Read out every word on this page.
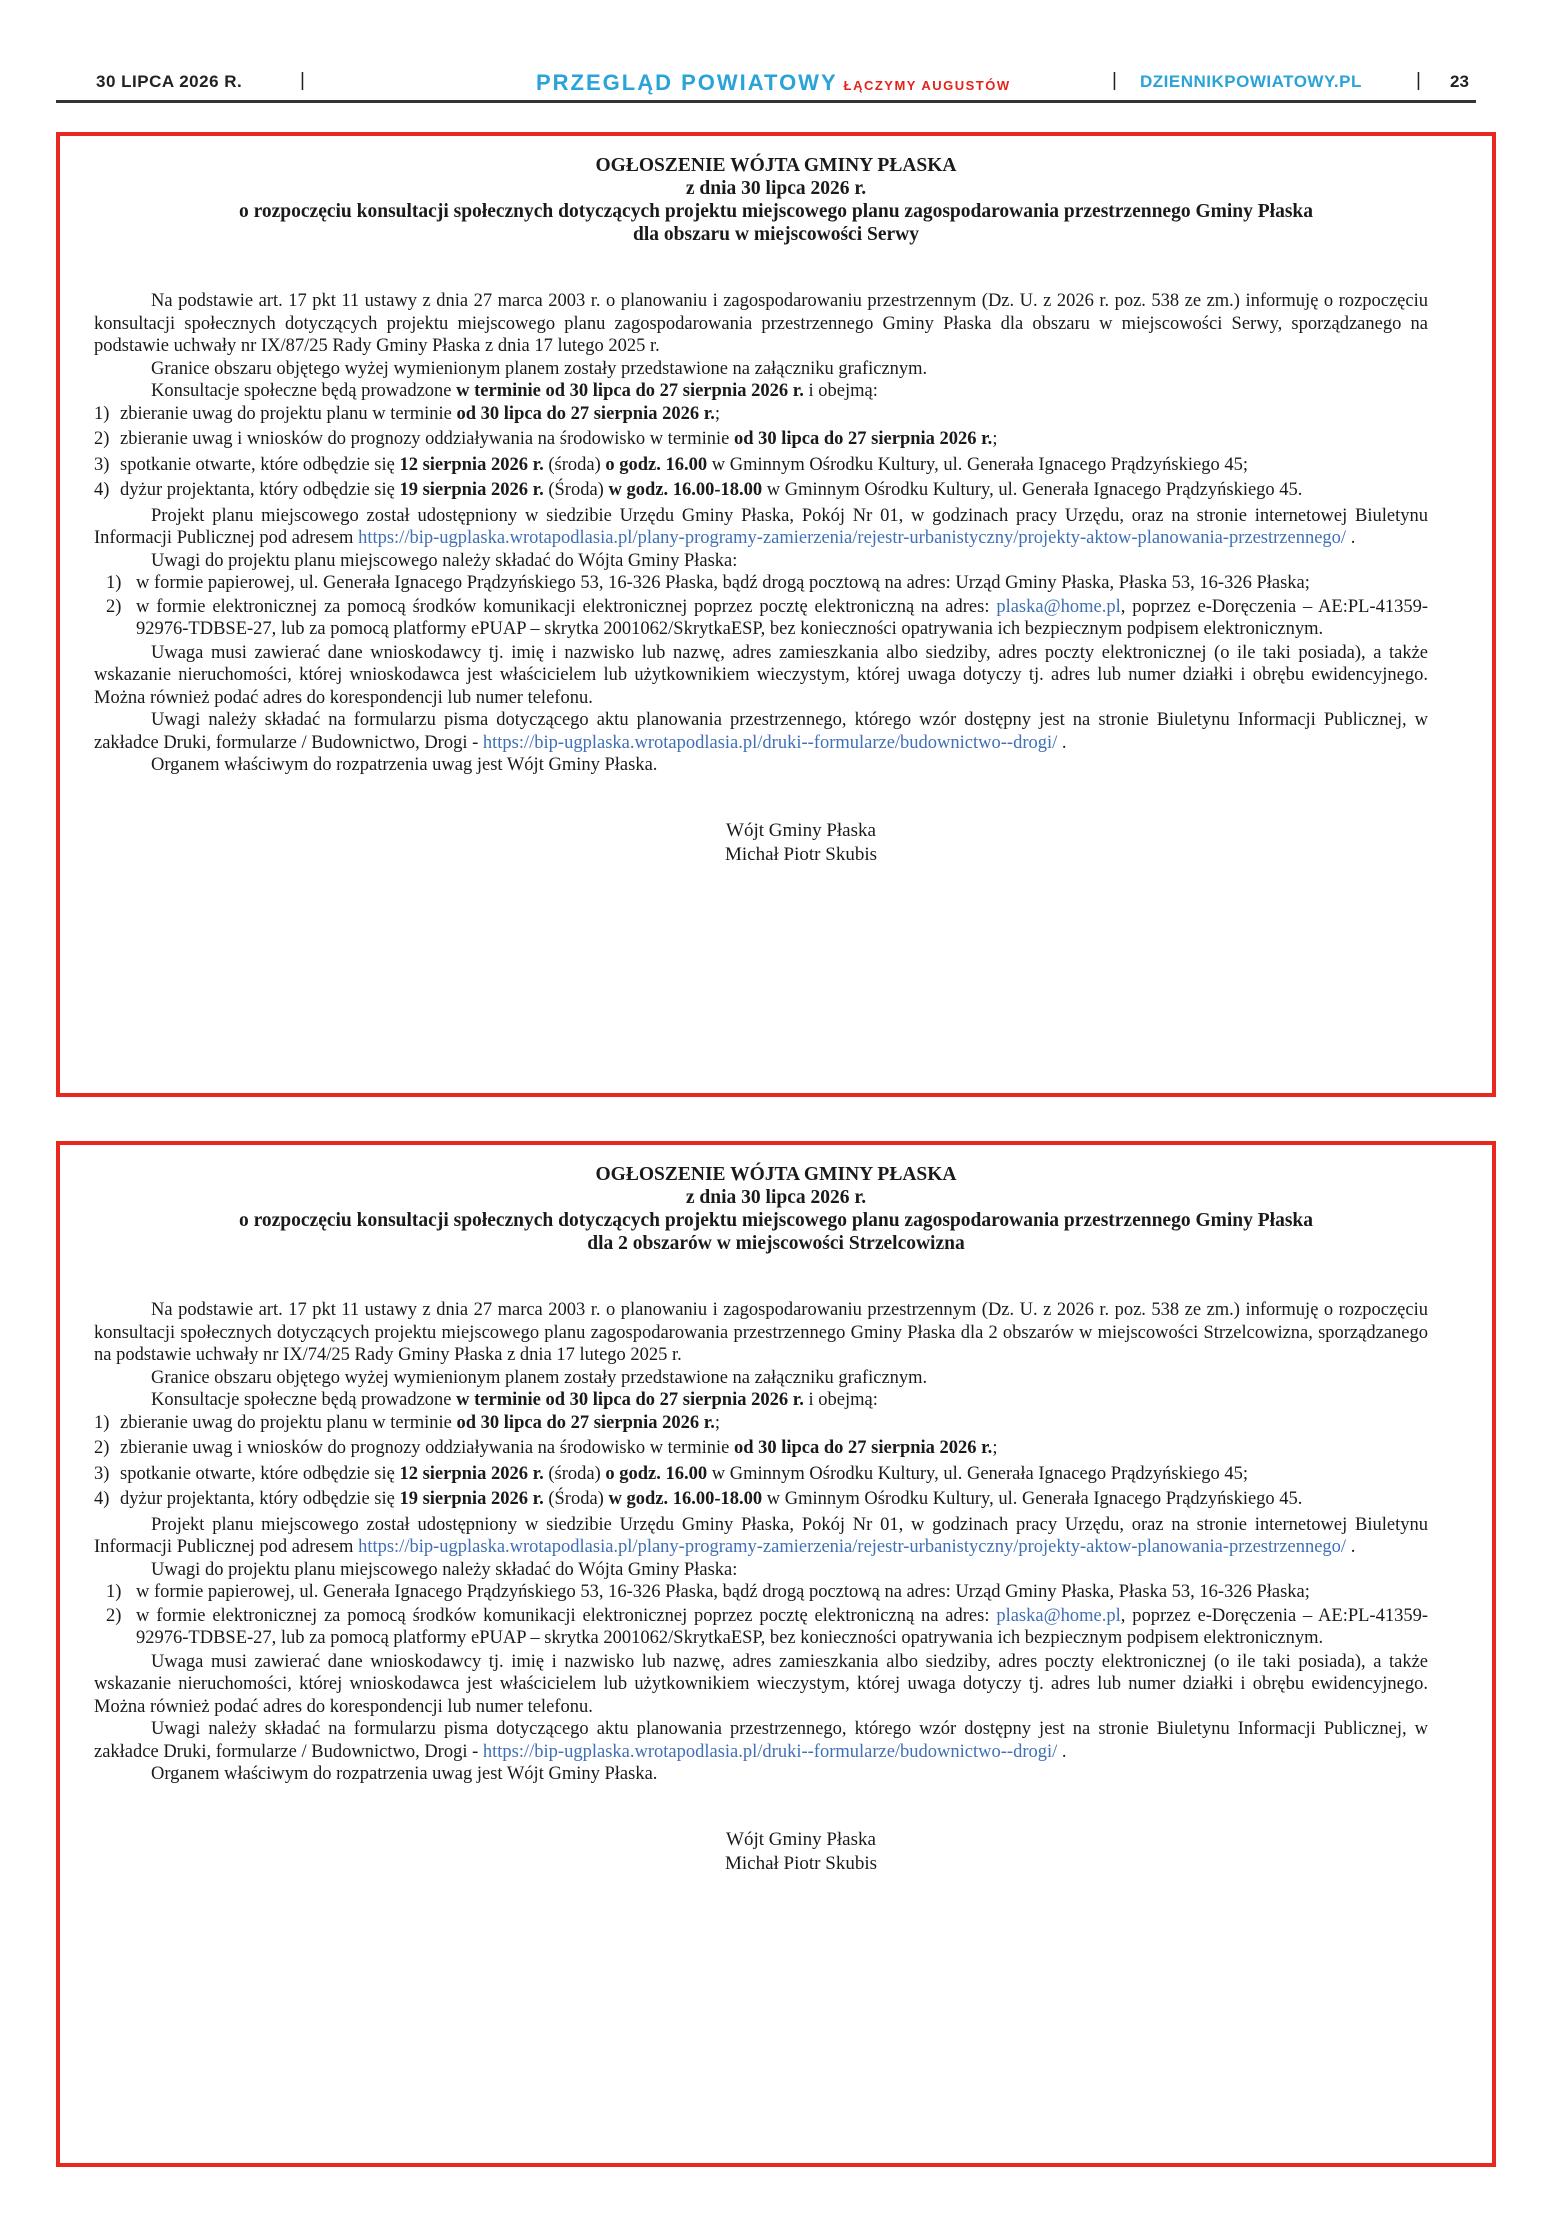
30 LIPCA 2026 R.	|	PRZEGLĄD POWIATOWY ŁĄCZYMY AUGUSTÓW	| DZIENNIKPOWIATOWY.PL	| 23
OGŁOSZENIE WÓJTA GMINY PŁASKA
z dnia 30 lipca 2026 r.
o rozpoczęciu konsultacji społecznych dotyczących projektu miejscowego planu zagospodarowania przestrzennego Gminy Płaska
dla obszaru w miejscowości Serwy

Na podstawie art. 17 pkt 11 ustawy z dnia 27 marca 2003 r. o planowaniu i zagospodarowaniu przestrzennym (Dz. U. z 2026 r. poz. 538 ze zm.) informuję o rozpoczęciu konsultacji społecznych dotyczących projektu miejscowego planu zagospodarowania przestrzennego Gminy Płaska dla obszaru w miejscowości Serwy, sporządzanego na podstawie uchwały nr IX/87/25 Rady Gminy Płaska z dnia 17 lutego 2025 r.

Granice obszaru objętego wyżej wymienionym planem zostały przedstawione na załączniku graficznym.

Konsultacje społeczne będą prowadzone w terminie od 30 lipca do 27 sierpnia 2026 r. i obejmą:

1) zbieranie uwag do projektu planu w terminie od 30 lipca do 27 sierpnia 2026 r.;
2) zbieranie uwag i wniosków do prognozy oddziaływania na środowisko w terminie od 30 lipca do 27 sierpnia 2026 r.;
3) spotkanie otwarte, które odbędzie się 12 sierpnia 2026 r. (środa) o godz. 16.00 w Gminnym Ośrodku Kultury, ul. Generała Ignacego Prądzyńskiego 45;
4) dyżur projektanta, który odbędzie się 19 sierpnia 2026 r. (Środa) w godz. 16.00-18.00 w Gminnym Ośrodku Kultury, ul. Generała Ignacego Prądzyńskiego 45.

Projekt planu miejscowego został udostępniony w siedzibie Urzędu Gminy Płaska, Pokój Nr 01, w godzinach pracy Urzędu, oraz na stronie internetowej Biuletynu Informacji Publicznej pod adresem https://bip-ugplaska.wrotapodlasia.pl/plany-programy-zamierzenia/rejestr-urbanistyczny/projekty-aktow-planowania-przestrzennego/ .

Uwagi do projektu planu miejscowego należy składać do Wójta Gminy Płaska:

1) w formie papierowej, ul. Generała Ignacego Prądzyńskiego 53, 16-326 Płaska, bądź drogą pocztową na adres: Urząd Gminy Płaska, Płaska 53, 16-326 Płaska;
2) w formie elektronicznej za pomocą środków komunikacji elektronicznej poprzez pocztę elektroniczną na adres: plaska@home.pl, poprzez e-Doręczenia – AE:PL-41359-92976-TDBSE-27, lub za pomocą platformy ePUAP – skrytka 2001062/SkrytkaESP, bez konieczności opatrywania ich bezpiecznym podpisem elektronicznym.

Uwaga musi zawierać dane wnioskodawcy tj. imię i nazwisko lub nazwę, adres zamieszkania albo siedziby, adres poczty elektronicznej (o ile taki posiada), a także wskazanie nieruchomości, której wnioskodawca jest właścicielem lub użytkownikiem wieczystym, której uwaga dotyczy tj. adres lub numer działki i obrębu ewidencyjnego. Można również podać adres do korespondencji lub numer telefonu.

Uwagi należy składać na formularzu pisma dotyczącego aktu planowania przestrzennego, którego wzór dostępny jest na stronie Biuletynu Informacji Publicznej, w zakładce Druki, formularze / Budownictwo, Drogi - https://bip-ugplaska.wrotapodlasia.pl/druki--formularze/budownictwo--drogi/ .

Organem właściwym do rozpatrzenia uwag jest Wójt Gminy Płaska.

Wójt Gminy Płaska
Michał Piotr Skubis
OGŁOSZENIE WÓJTA GMINY PŁASKA
z dnia 30 lipca 2026 r.
o rozpoczęciu konsultacji społecznych dotyczących projektu miejscowego planu zagospodarowania przestrzennego Gminy Płaska
dla 2 obszarów w miejscowości Strzelcowizna

Na podstawie art. 17 pkt 11 ustawy z dnia 27 marca 2003 r. o planowaniu i zagospodarowaniu przestrzennym (Dz. U. z 2026 r. poz. 538 ze zm.) informuję o rozpoczęciu konsultacji społecznych dotyczących projektu miejscowego planu zagospodarowania przestrzennego Gminy Płaska dla 2 obszarów w miejscowości Strzelcowizna, sporządzanego na podstawie uchwały nr IX/74/25 Rady Gminy Płaska z dnia 17 lutego 2025 r.

Granice obszaru objętego wyżej wymienionym planem zostały przedstawione na załączniku graficznym.

Konsultacje społeczne będą prowadzone w terminie od 30 lipca do 27 sierpnia 2026 r. i obejmą:

1) zbieranie uwag do projektu planu w terminie od 30 lipca do 27 sierpnia 2026 r.;
2) zbieranie uwag i wniosków do prognozy oddziaływania na środowisko w terminie od 30 lipca do 27 sierpnia 2026 r.;
3) spotkanie otwarte, które odbędzie się 12 sierpnia 2026 r. (środa) o godz. 16.00 w Gminnym Ośrodku Kultury, ul. Generała Ignacego Prądzyńskiego 45;
4) dyżur projektanta, który odbędzie się 19 sierpnia 2026 r. (Środa) w godz. 16.00-18.00 w Gminnym Ośrodku Kultury, ul. Generała Ignacego Prądzyńskiego 45.

Projekt planu miejscowego został udostępniony w siedzibie Urzędu Gminy Płaska, Pokój Nr 01, w godzinach pracy Urzędu, oraz na stronie internetowej Biuletynu Informacji Publicznej pod adresem https://bip-ugplaska.wrotapodlasia.pl/plany-programy-zamierzenia/rejestr-urbanistyczny/projekty-aktow-planowania-przestrzennego/ .

Uwagi do projektu planu miejscowego należy składać do Wójta Gminy Płaska:

1) w formie papierowej, ul. Generała Ignacego Prądzyńskiego 53, 16-326 Płaska, bądź drogą pocztową na adres: Urząd Gminy Płaska, Płaska 53, 16-326 Płaska;
2) w formie elektronicznej za pomocą środków komunikacji elektronicznej poprzez pocztę elektroniczną na adres: plaska@home.pl, poprzez e-Doręczenia – AE:PL-41359-92976-TDBSE-27, lub za pomocą platformy ePUAP – skrytka 2001062/SkrytkaESP, bez konieczności opatrywania ich bezpiecznym podpisem elektronicznym.

Uwaga musi zawierać dane wnioskodawcy tj. imię i nazwisko lub nazwę, adres zamieszkania albo siedziby, adres poczty elektronicznej (o ile taki posiada), a także wskazanie nieruchomości, której wnioskodawca jest właścicielem lub użytkownikiem wieczystym, której uwaga dotyczy tj. adres lub numer działki i obrębu ewidencyjnego. Można również podać adres do korespondencji lub numer telefonu.

Uwagi należy składać na formularzu pisma dotyczącego aktu planowania przestrzennego, którego wzór dostępny jest na stronie Biuletynu Informacji Publicznej, w zakładce Druki, formularze / Budownictwo, Drogi - https://bip-ugplaska.wrotapodlasia.pl/druki--formularze/budownictwo--drogi/ .

Organem właściwym do rozpatrzenia uwag jest Wójt Gminy Płaska.

Wójt Gminy Płaska
Michał Piotr Skubis
